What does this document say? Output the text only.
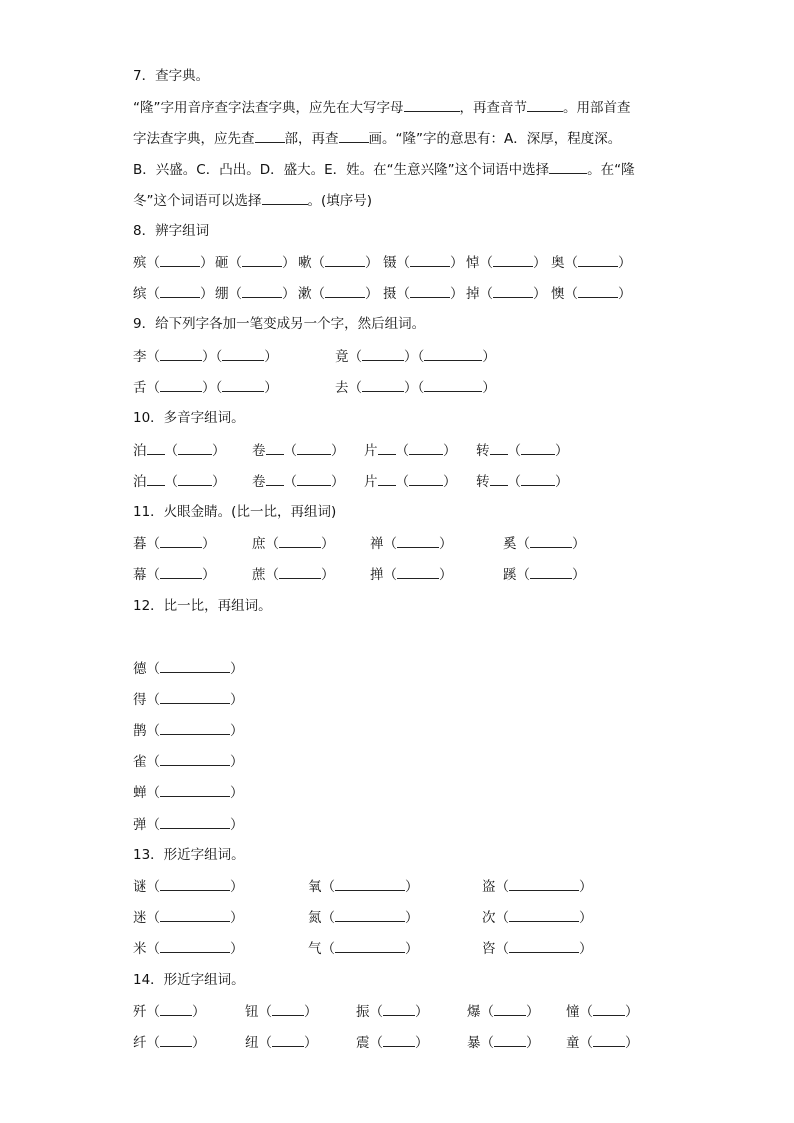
7．查字典。
“隆”字用音序查字法查字典，应先在大写字母	，再查音节	。用部首查
字法查字典，应先查 部，再查 画。“隆”字的意思有：A．深厚，程度深。
B．兴盛。C．凸出。D．盛大。E．姓。在“生意兴隆”这个词语中选择	。在“隆
冬”这个词语可以选择	。(填序号)
8．辨字组词
9．给下列字各加一笔变成另一个字，然后组词。
10．多音字组词。
11．火眼金睛。(比一比，再组词)
12．比一比，再组词。
13．形近字组词。
14．形近字组词。
殡（	） 砸（	） 嗽（	） 镊（	） 悼（	） 奥（	）
缤（	） 绷（	） 漱（	） 摄（	） 掉（	） 懊（	）
李（	）（	）	竟（	）（	）
舌（	）（	）	去（	）（	）
泊 （	） 卷 （	） 片 （	） 转 （	）
泊 （	） 卷 （	） 片 （	） 转 （	）
暮（	）	庶（	）	禅（	）	奚（	）
幕（	）	蔗（	）	掸（	）	蹊（	）
德（	）
得（	）
鹊（	）
雀（	）
蝉（	）
弹（	）
谜（	）	氧（	）	盗（	）
迷（	）	氮（	）	次（	）
米（	）	气（	）	咨（	）
歼（ ）	钮（ ）	振（ ）	爆（ ） 憧（ ）
纤（ ）	纽（ ）	震（ ）	暴（ ） 童（ ）
